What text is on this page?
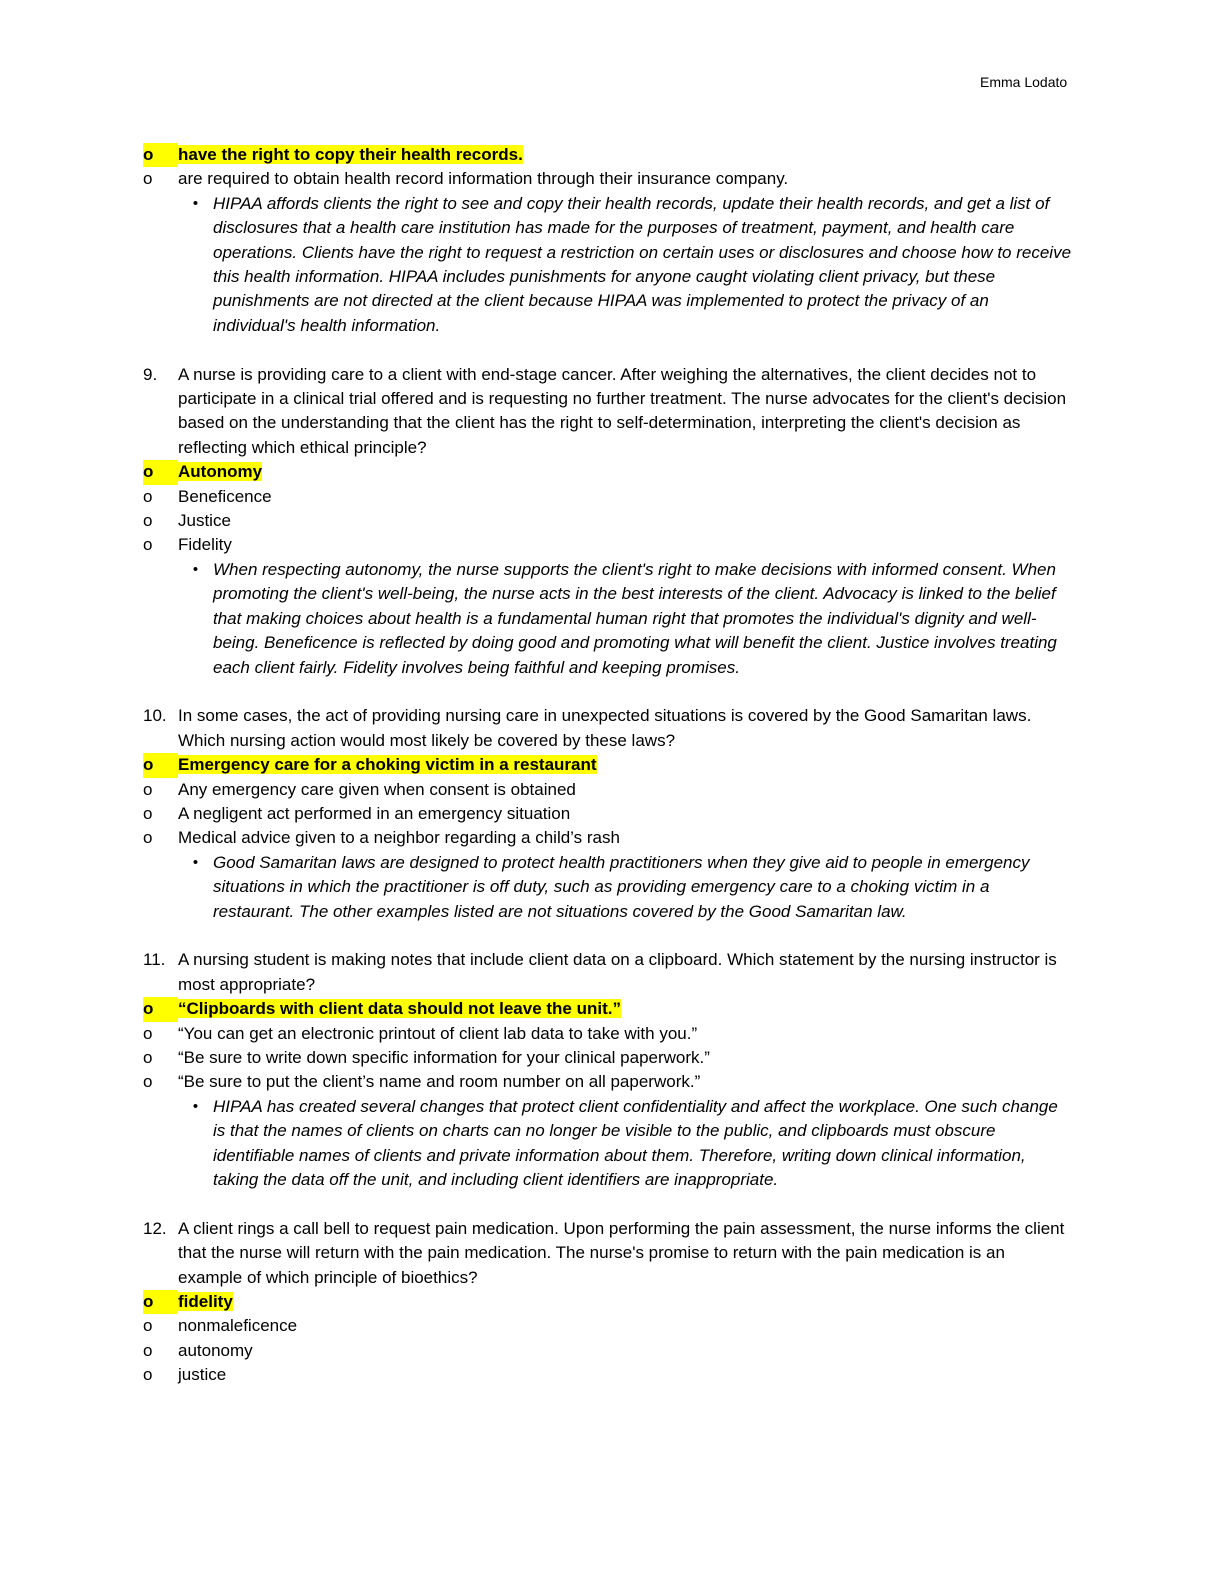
Emma Lodato
o	have the right to copy their health records.
o	are required to obtain health record information through their insurance company.
• HIPAA affords clients the right to see and copy their health records, update their health records, and get a list of disclosures that a health care institution has made for the purposes of treatment, payment, and health care operations. Clients have the right to request a restriction on certain uses or disclosures and choose how to receive this health information. HIPAA includes punishments for anyone caught violating client privacy, but these punishments are not directed at the client because HIPAA was implemented to protect the privacy of an individual's health information.
9.	A nurse is providing care to a client with end-stage cancer. After weighing the alternatives, the client decides not to participate in a clinical trial offered and is requesting no further treatment. The nurse advocates for the client's decision based on the understanding that the client has the right to self-determination, interpreting the client's decision as reflecting which ethical principle?
o	Autonomy
o	Beneficence
o	Justice
o	Fidelity
• When respecting autonomy, the nurse supports the client's right to make decisions with informed consent. When promoting the client's well-being, the nurse acts in the best interests of the client. Advocacy is linked to the belief that making choices about health is a fundamental human right that promotes the individual's dignity and well-being. Beneficence is reflected by doing good and promoting what will benefit the client. Justice involves treating each client fairly. Fidelity involves being faithful and keeping promises.
10. In some cases, the act of providing nursing care in unexpected situations is covered by the Good Samaritan laws. Which nursing action would most likely be covered by these laws?
o	Emergency care for a choking victim in a restaurant
o	Any emergency care given when consent is obtained
o	A negligent act performed in an emergency situation
o	Medical advice given to a neighbor regarding a child’s rash
• Good Samaritan laws are designed to protect health practitioners when they give aid to people in emergency situations in which the practitioner is off duty, such as providing emergency care to a choking victim in a restaurant. The other examples listed are not situations covered by the Good Samaritan law.
11. A nursing student is making notes that include client data on a clipboard. Which statement by the nursing instructor is most appropriate?
o	“Clipboards with client data should not leave the unit.”
o	“You can get an electronic printout of client lab data to take with you.”
o	“Be sure to write down specific information for your clinical paperwork.”
o	“Be sure to put the client’s name and room number on all paperwork.”
• HIPAA has created several changes that protect client confidentiality and affect the workplace. One such change is that the names of clients on charts can no longer be visible to the public, and clipboards must obscure identifiable names of clients and private information about them. Therefore, writing down clinical information, taking the data off the unit, and including client identifiers are inappropriate.
12. A client rings a call bell to request pain medication. Upon performing the pain assessment, the nurse informs the client that the nurse will return with the pain medication. The nurse's promise to return with the pain medication is an example of which principle of bioethics?
o	fidelity
o	nonmaleficence
o	autonomy
o	justice
